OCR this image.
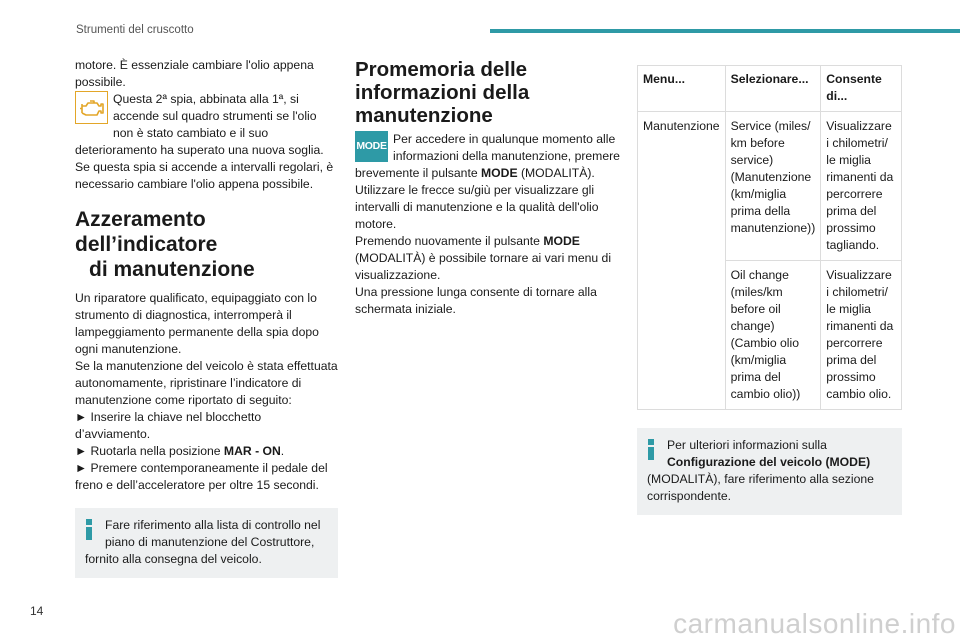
Strumenti del cruscotto

motore. È essenziale cambiare l'olio appena possibile.

Questa 2ª spia, abbinata alla 1ª, si accende sul quadro strumenti se l'olio non è stato cambiato e il suo deterioramento ha superato una nuova soglia. Se questa spia si accende a intervalli regolari, è necessario cambiare l'olio appena possibile.

Azzeramento dell’indicatore
di manutenzione

Un riparatore qualificato, equipaggiato con lo strumento di diagnostica, interromperà il lampeggiamento permanente della spia dopo ogni manutenzione.

Se la manutenzione del veicolo è stata effettuata autonomamente, ripristinare l’indicatore di manutenzione come riportato di seguito:

► Inserire la chiave nel blocchetto d’avviamento.

► Ruotarla nella posizione MAR - ON.

► Premere contemporaneamente il pedale del freno e dell’acceleratore per oltre 15 secondi.

Fare riferimento alla lista di controllo nel piano di manutenzione del Costruttore, fornito alla consegna del veicolo.

Promemoria delle informazioni della manutenzione
MODE Per accedere in qualunque momento alle informazioni della manutenzione, premere brevemente il pulsante MODE (MODALITÀ).

Utilizzare le frecce su/giù per visualizzare gli intervalli di manutenzione e la qualità dell'olio motore.

Premendo nuovamente il pulsante MODE (MODALITÀ) è possibile tornare ai vari menu di visualizzazione.

Una pressione lunga consente di tornare alla schermata iniziale.

Menu...	Selezionare...	Consente di...
Manutenzione	Service (miles/ km before service) (Manutenzione (km/miglia prima della manutenzione))	Visualizzare i chilometri/ le miglia rimanenti da percorrere prima del prossimo tagliando.
	Oil change (miles/km before oil change) (Cambio olio (km/miglia prima del cambio olio))	Visualizzare i chilometri/ le miglia rimanenti da percorrere prima del prossimo cambio olio.

Per ulteriori informazioni sulla Configurazione del veicolo (MODE) (MODALITÀ), fare riferimento alla sezione corrispondente.

14	carmanualsonline.info
